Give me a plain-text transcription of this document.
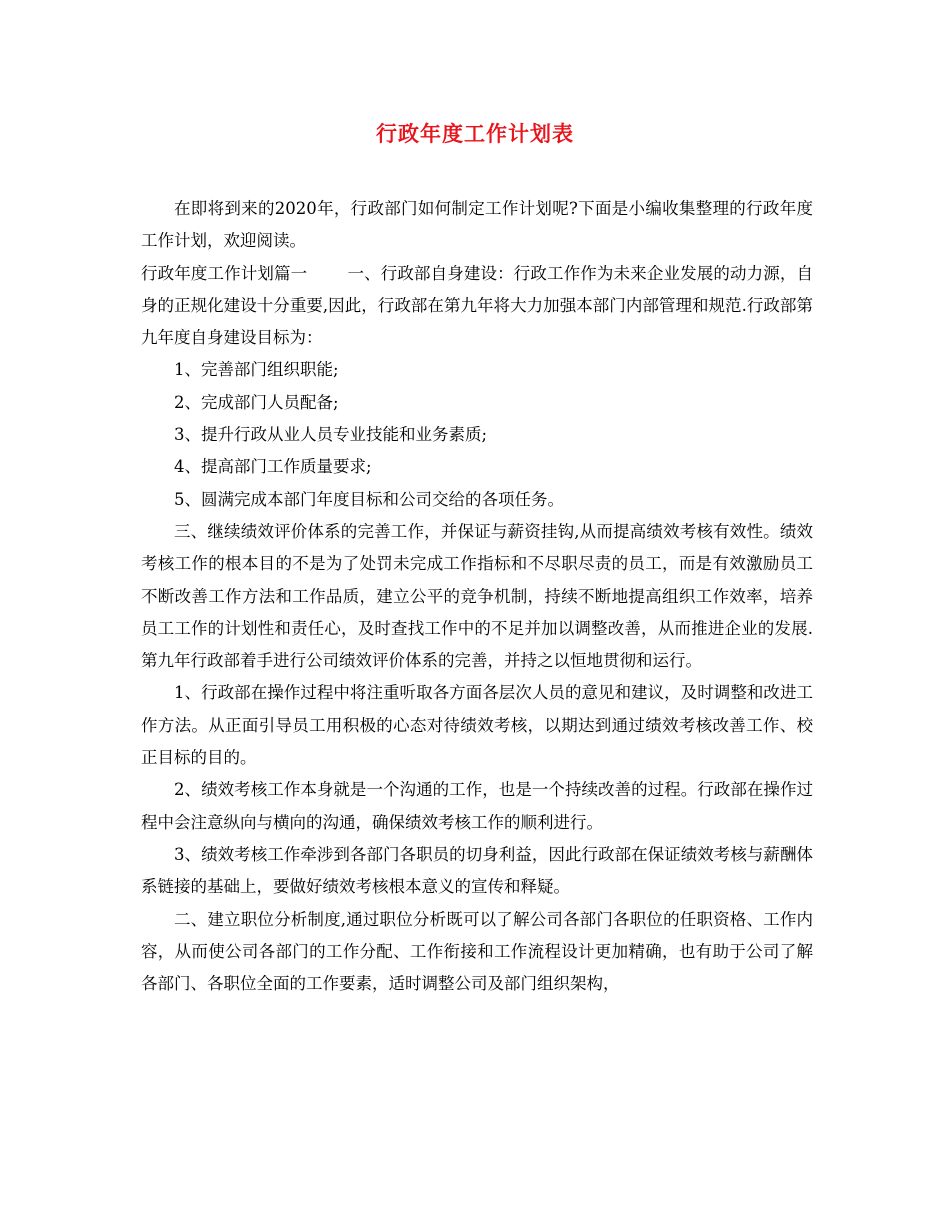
行政年度工作计划表

在即将到来的2020年，行政部门如何制定工作计划呢?下面是小编收集整理的行政年度工作计划，欢迎阅读。

行政年度工作计划篇一 一、行政部自身建设：行政工作作为未来企业发展的动力源，自身的正规化建设十分重要,因此，行政部在第九年将大力加强本部门内部管理和规范.行政部第九年度自身建设目标为：

1、完善部门组织职能;

2、完成部门人员配备;

3、提升行政从业人员专业技能和业务素质;

4、提高部门工作质量要求;

5、圆满完成本部门年度目标和公司交给的各项任务。

三、继续绩效评价体系的完善工作，并保证与薪资挂钩,从而提高绩效考核有效性。绩效考核工作的根本目的不是为了处罚未完成工作指标和不尽职尽责的员工，而是有效激励员工不断改善工作方法和工作品质，建立公平的竞争机制，持续不断地提高组织工作效率，培养员工工作的计划性和责任心，及时查找工作中的不足并加以调整改善，从而推进企业的发展.第九年行政部着手进行公司绩效评价体系的完善，并持之以恒地贯彻和运行。

1、行政部在操作过程中将注重听取各方面各层次人员的意见和建议，及时调整和改进工作方法。从正面引导员工用积极的心态对待绩效考核，以期达到通过绩效考核改善工作、校正目标的目的。

2、绩效考核工作本身就是一个沟通的工作，也是一个持续改善的过程。行政部在操作过程中会注意纵向与横向的沟通，确保绩效考核工作的顺利进行。

3、绩效考核工作牵涉到各部门各职员的切身利益，因此行政部在保证绩效考核与薪酬体系链接的基础上，要做好绩效考核根本意义的宣传和释疑。

二、建立职位分析制度,通过职位分析既可以了解公司各部门各职位的任职资格、工作内容，从而使公司各部门的工作分配、工作衔接和工作流程设计更加精确，也有助于公司了解各部门、各职位全面的工作要素，适时调整公司及部门组织架构，
